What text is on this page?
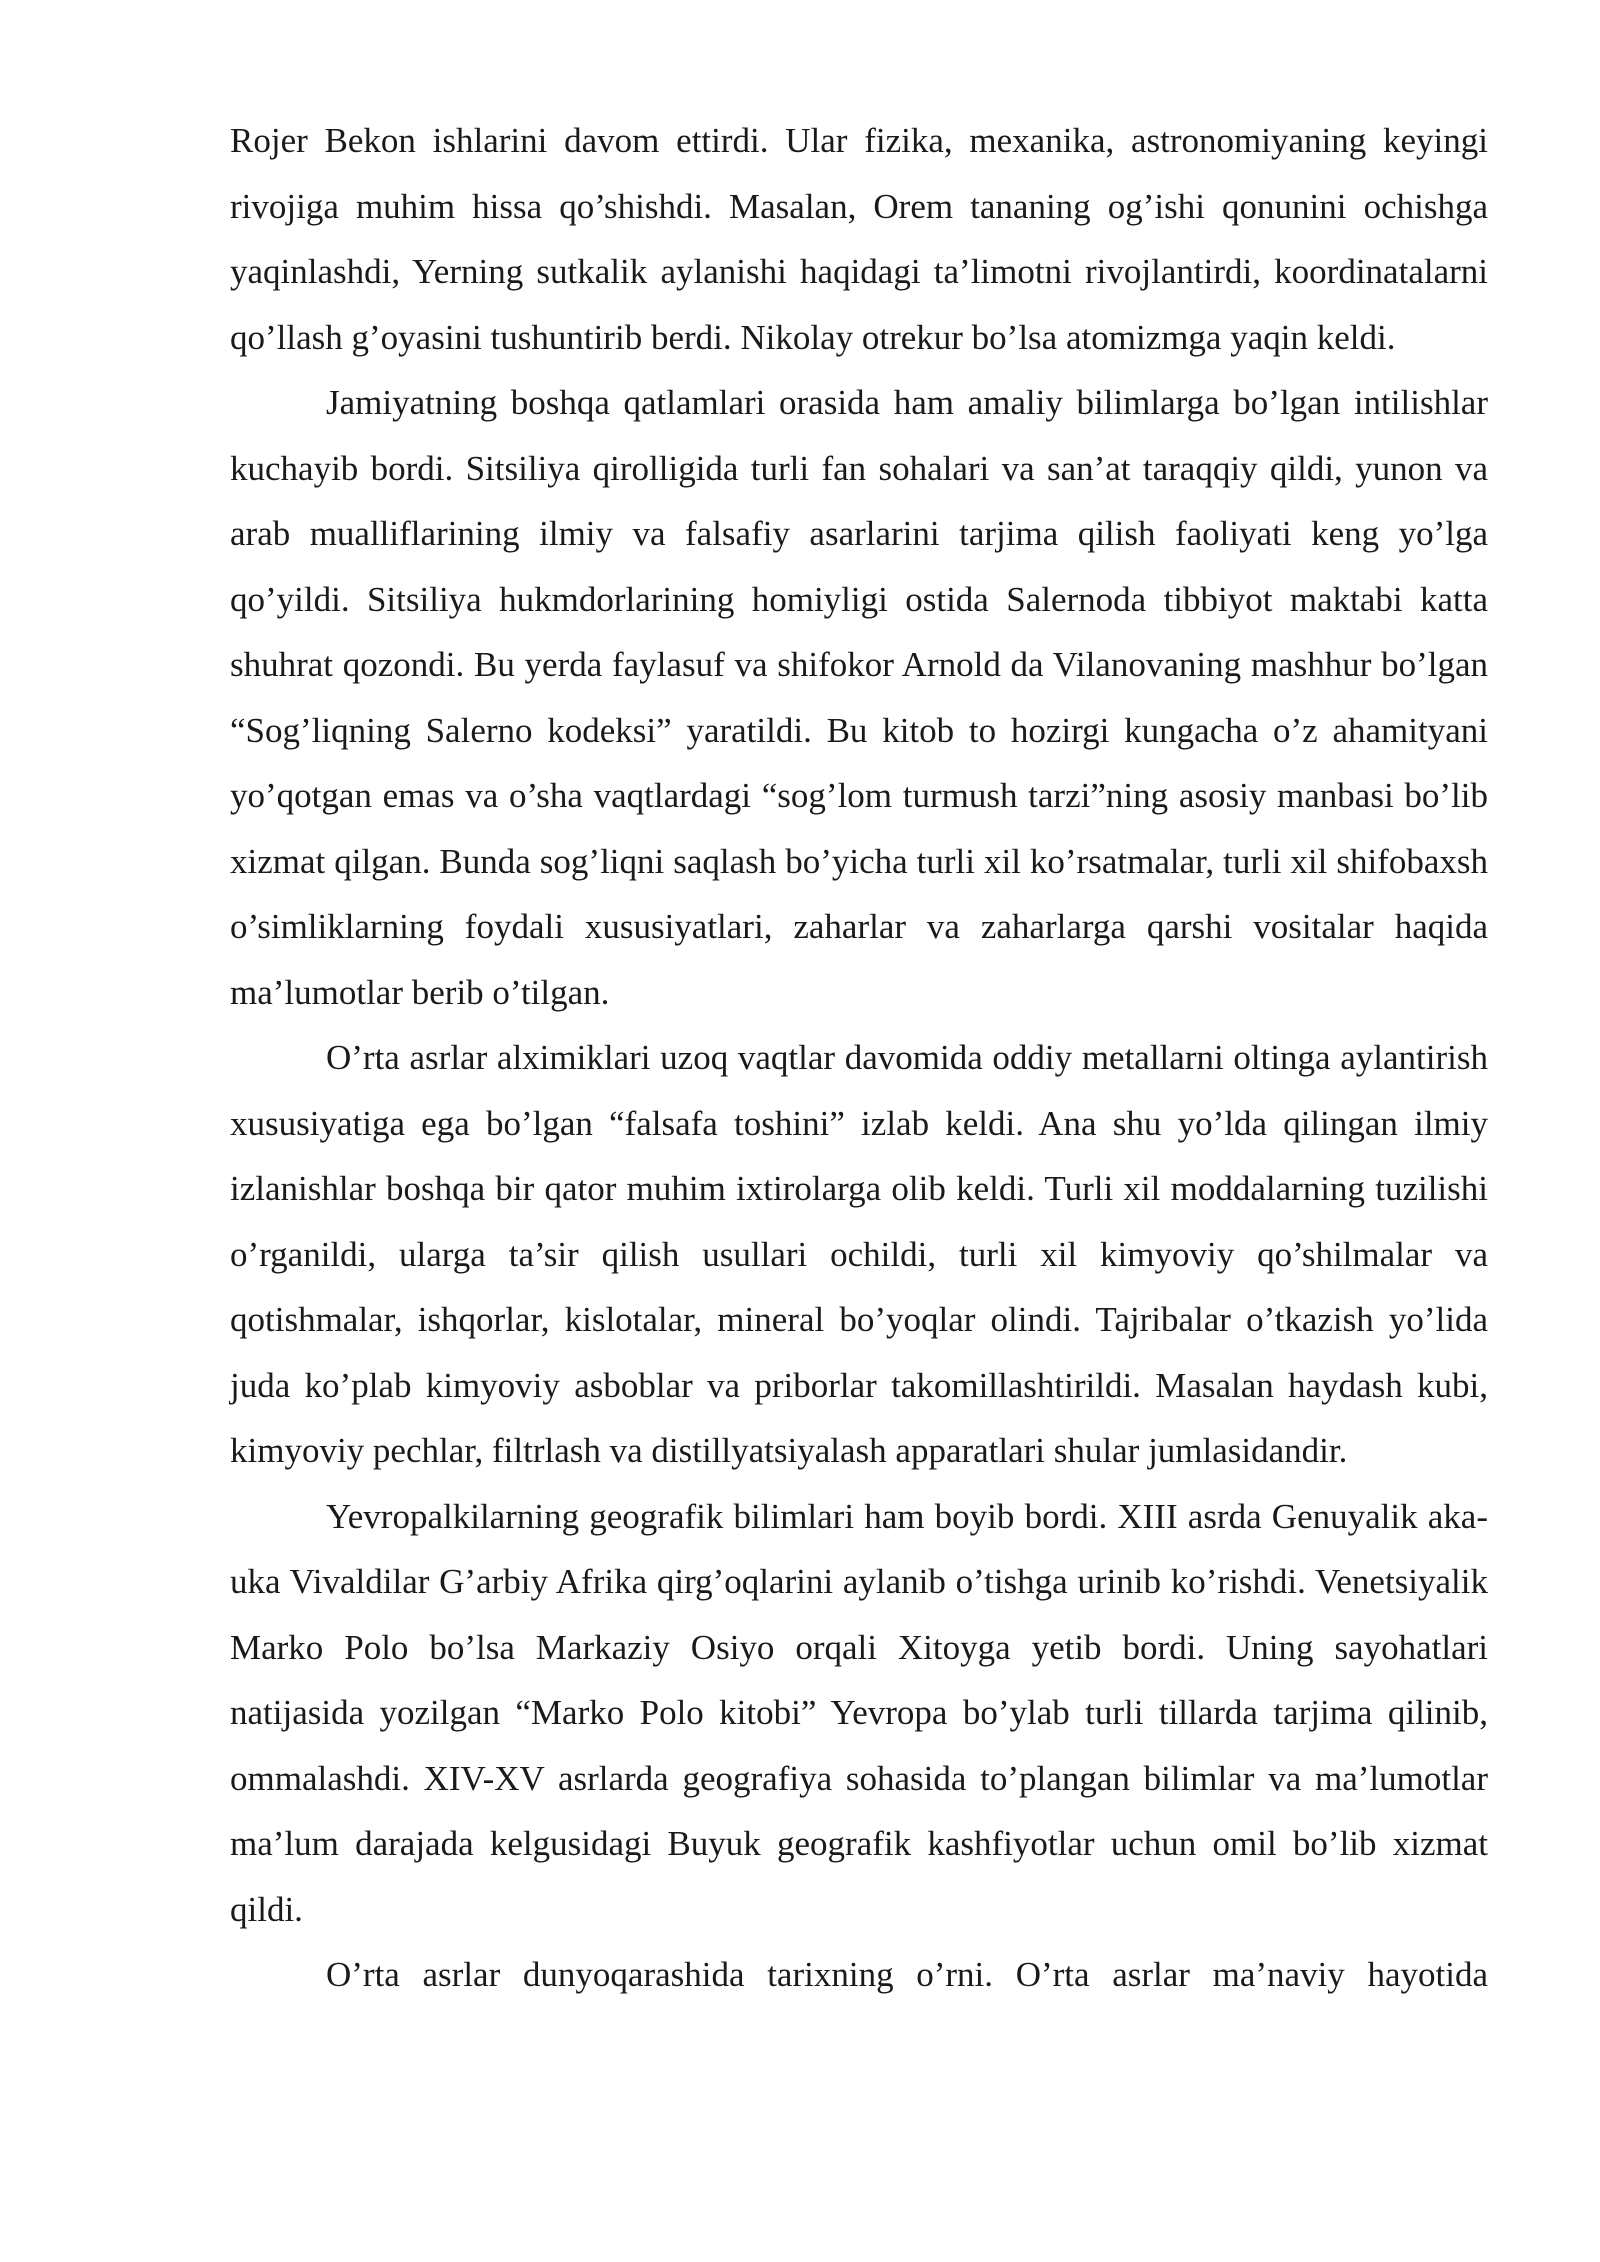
Rojer Bekon ishlarini davom ettirdi. Ular fizika, mexanika, astronomiyaning keyingi rivojiga muhim hissa qo’shishdi. Masalan, Orem tananing og’ishi qonunini ochishga yaqinlashdi, Yerning sutkalik aylanishi haqidagi ta’limotni rivojlantirdi, koordinatalarni qo’llash g’oyasini tushuntirib berdi. Nikolay otrekur bo’lsa atomizmga yaqin keldi.

Jamiyatning boshqa qatlamlari orasida ham amaliy bilimlarga bo’lgan intilishlar kuchayib bordi. Sitsiliya qirolligida turli fan sohalari va san’at taraqqiy qildi, yunon va arab mualliflarining ilmiy va falsafiy asarlarini tarjima qilish faoliyati keng yo’lga qo’yildi. Sitsiliya hukmdorlarining homiyligi ostida Salernoda tibbiyot maktabi katta shuhrat qozondi. Bu yerda faylasuf va shifokor Arnold da Vilanovaning mashhur bo’lgan “Sog’liqning Salerno kodeksi” yaratildi. Bu kitob to hozirgi kungacha o’z ahamityani yo’qotgan emas va o’sha vaqtlardagi “sog’lom turmush tarzi”ning asosiy manbasi bo’lib xizmat qilgan. Bunda sog’liqni saqlash bo’yicha turli xil ko’rsatmalar, turli xil shifobaxsh o’simliklarning foydali xususiyatlari, zaharlar va zaharlarga qarshi vositalar haqida ma’lumotlar berib o’tilgan.

O’rta asrlar alximiklari uzoq vaqtlar davomida oddiy metallarni oltinga aylantirish xususiyatiga ega bo’lgan “falsafa toshini” izlab keldi. Ana shu yo’lda qilingan ilmiy izlanishlar boshqa bir qator muhim ixtirolarga olib keldi. Turli xil moddalarning tuzilishi o’rganildi, ularga ta’sir qilish usullari ochildi, turli xil kimyoviy qo’shilmalar va qotishmalar, ishqorlar, kislotalar, mineral bo’yoqlar olindi. Tajribalar o’tkazish yo’lida juda ko’plab kimyoviy asboblar va priborlar takomillashtirildi. Masalan haydash kubi, kimyoviy pechlar, filtrlash va distillyatsiyalash apparatlari shular jumlasidandir.

Yevropalkilarning geografik bilimlari ham boyib bordi. XIII asrda Genuyalik aka-uka Vivaldilar G’arbiy Afrika qirg’oqlarini aylanib o’tishga urinib ko’rishdi. Venetsiyalik Marko Polo bo’lsa Markaziy Osiyo orqali Xitoyga yetib bordi. Uning sayohatlari natijasida yozilgan “Marko Polo kitobi” Yevropa bo’ylab turli tillarda tarjima qilinib, ommalashdi. XIV-XV asrlarda geografiya sohasida to’plangan bilimlar va ma’lumotlar ma’lum darajada kelgusidagi Buyuk geografik kashfiyotlar uchun omil bo’lib xizmat qildi.

O’rta asrlar dunyoqarashida tarixning o’rni. O’rta asrlar ma’naviy hayotida
